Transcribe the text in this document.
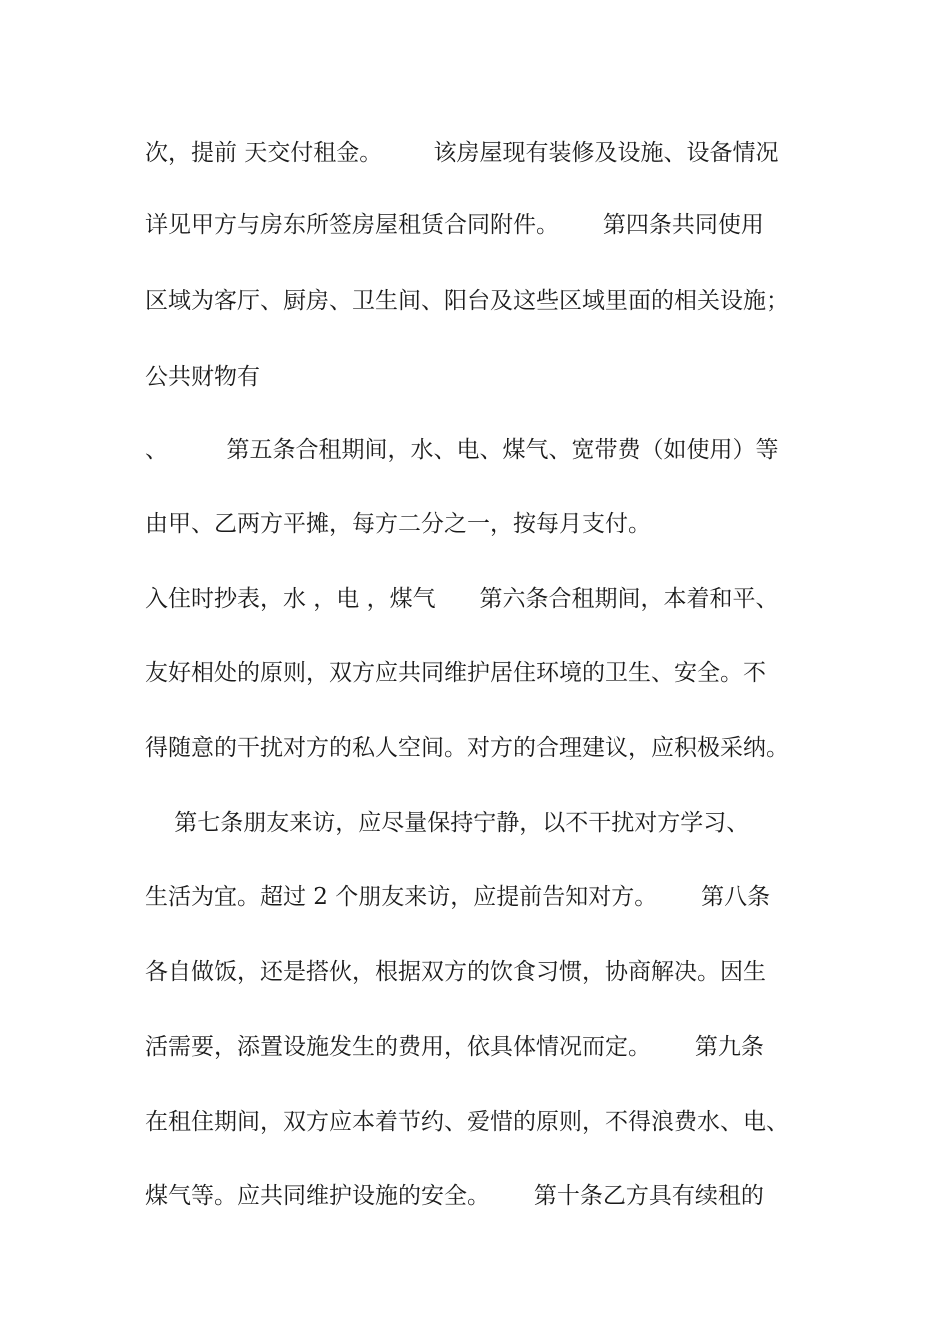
次，提前 天交付租金。       该房屋现有装修及设施、设备情况
详见甲方与房东所签房屋租赁合同附件。      第四条共同使用
区域为客厅、厨房、卫生间、阳台及这些区域里面的相关设施；
公共财物有
、        第五条合租期间，水、电、煤气、宽带费（如使用）等
由甲、乙两方平摊，每方二分之一，按每月支付。
入住时抄表，水 ，电 ，煤气      第六条合租期间，本着和平、
友好相处的原则，双方应共同维护居住环境的卫生、安全。不
得随意的干扰对方的私人空间。对方的合理建议，应积极采纳。
第七条朋友来访，应尽量保持宁静，以不干扰对方学习、
生活为宜。超过 2 个朋友来访，应提前告知对方。      第八条
各自做饭，还是搭伙，根据双方的饮食习惯，协商解决。因生
活需要，添置设施发生的费用，依具体情况而定。      第九条
在租住期间，双方应本着节约、爱惜的原则，不得浪费水、电、
煤气等。应共同维护设施的安全。      第十条乙方具有续租的
